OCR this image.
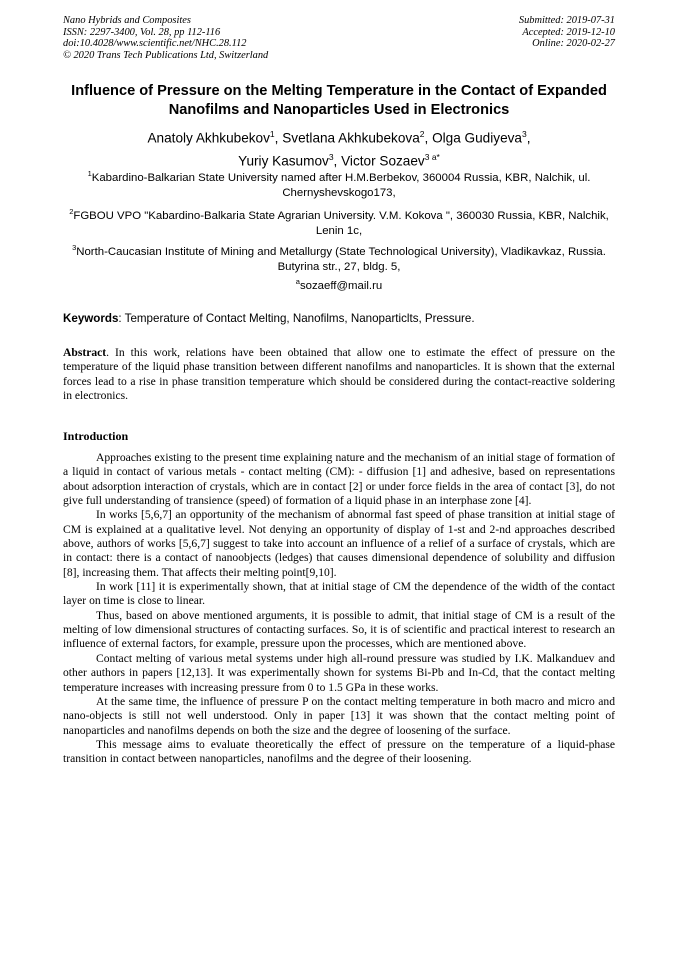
Nano Hybrids and Composites
ISSN: 2297-3400, Vol. 28, pp 112-116
doi:10.4028/www.scientific.net/NHC.28.112
© 2020 Trans Tech Publications Ltd, Switzerland
Submitted: 2019-07-31
Accepted: 2019-12-10
Online: 2020-02-27
Influence of Pressure on the Melting Temperature in the Contact of Expanded Nanofilms and Nanoparticles Used in Electronics
Anatoly Akhkubekov$^1$, Svetlana Akhkubekova$^2$, Olga Gudiyeva$^3$,
Yuriy Kasumov$^3$, Victor Sozaev$^{3 a*}$
$^1$Kabardino-Balkarian State University named after H.M.Berbekov, 360004 Russia, KBR, Nalchik, ul. Chernyshevskogo173,
$^2$FGBOU VPO "Kabardino-Balkaria State Agrarian University. V.M. Kokova ", 360030 Russia, KBR, Nalchik, Lenin 1c,
$^3$North-Caucasian Institute of Mining and Metallurgy (State Technological University), Vladikavkaz, Russia. Butyrina str., 27, bldg. 5,
$^a$sozaeff@mail.ru
Keywords: Temperature of Contact Melting, Nanofilms, Nanoparticlts, Pressure.
Abstract. In this work, relations have been obtained that allow one to estimate the effect of pressure on the temperature of the liquid phase transition between different nanofilms and nanoparticles. It is shown that the external forces lead to a rise in phase transition temperature which should be considered during the contact-reactive soldering in electronics.
Introduction

Approaches existing to the present time explaining nature and the mechanism of an initial stage of formation of a liquid in contact of various metals - contact melting (CM): - diffusion [1] and adhesive, based on representations about adsorption interaction of crystals, which are in contact [2] or under force fields in the area of contact [3], do not give full understanding of transience (speed) of formation of a liquid phase in an interphase zone [4].

In works [5,6,7] an opportunity of the mechanism of abnormal fast speed of phase transition at initial stage of CM is explained at a qualitative level. Not denying an opportunity of display of 1-st and 2-nd approaches described above, authors of works [5,6,7] suggest to take into account an influence of a relief of a surface of crystals, which are in contact: there is a contact of nanoobjects (ledges) that causes dimensional dependence of solubility and diffusion [8], increasing them. That affects their melting point[9,10].

In work [11] it is experimentally shown, that at initial stage of CM the dependence of the width of the contact layer on time is close to linear.

Thus, based on above mentioned arguments, it is possible to admit, that initial stage of CM is a result of the melting of low dimensional structures of contacting surfaces. So, it is of scientific and practical interest to research an influence of external factors, for example, pressure upon the processes, which are mentioned above.

Contact melting of various metal systems under high all-round pressure was studied by I.K. Malkanduev and other authors in papers [12,13]. It was experimentally shown for systems Bi-Pb and In-Cd, that the contact melting temperature increases with increasing pressure from 0 to 1.5 GPa in these works.

At the same time, the influence of pressure P on the contact melting temperature in both macro and micro and nano-objects is still not well understood. Only in paper [13] it was shown that the contact melting point of nanoparticles and nanofilms depends on both the size and the degree of loosening of the surface.

This message aims to evaluate theoretically the effect of pressure on the temperature of a liquid-phase transition in contact between nanoparticles, nanofilms and the degree of their loosening.
